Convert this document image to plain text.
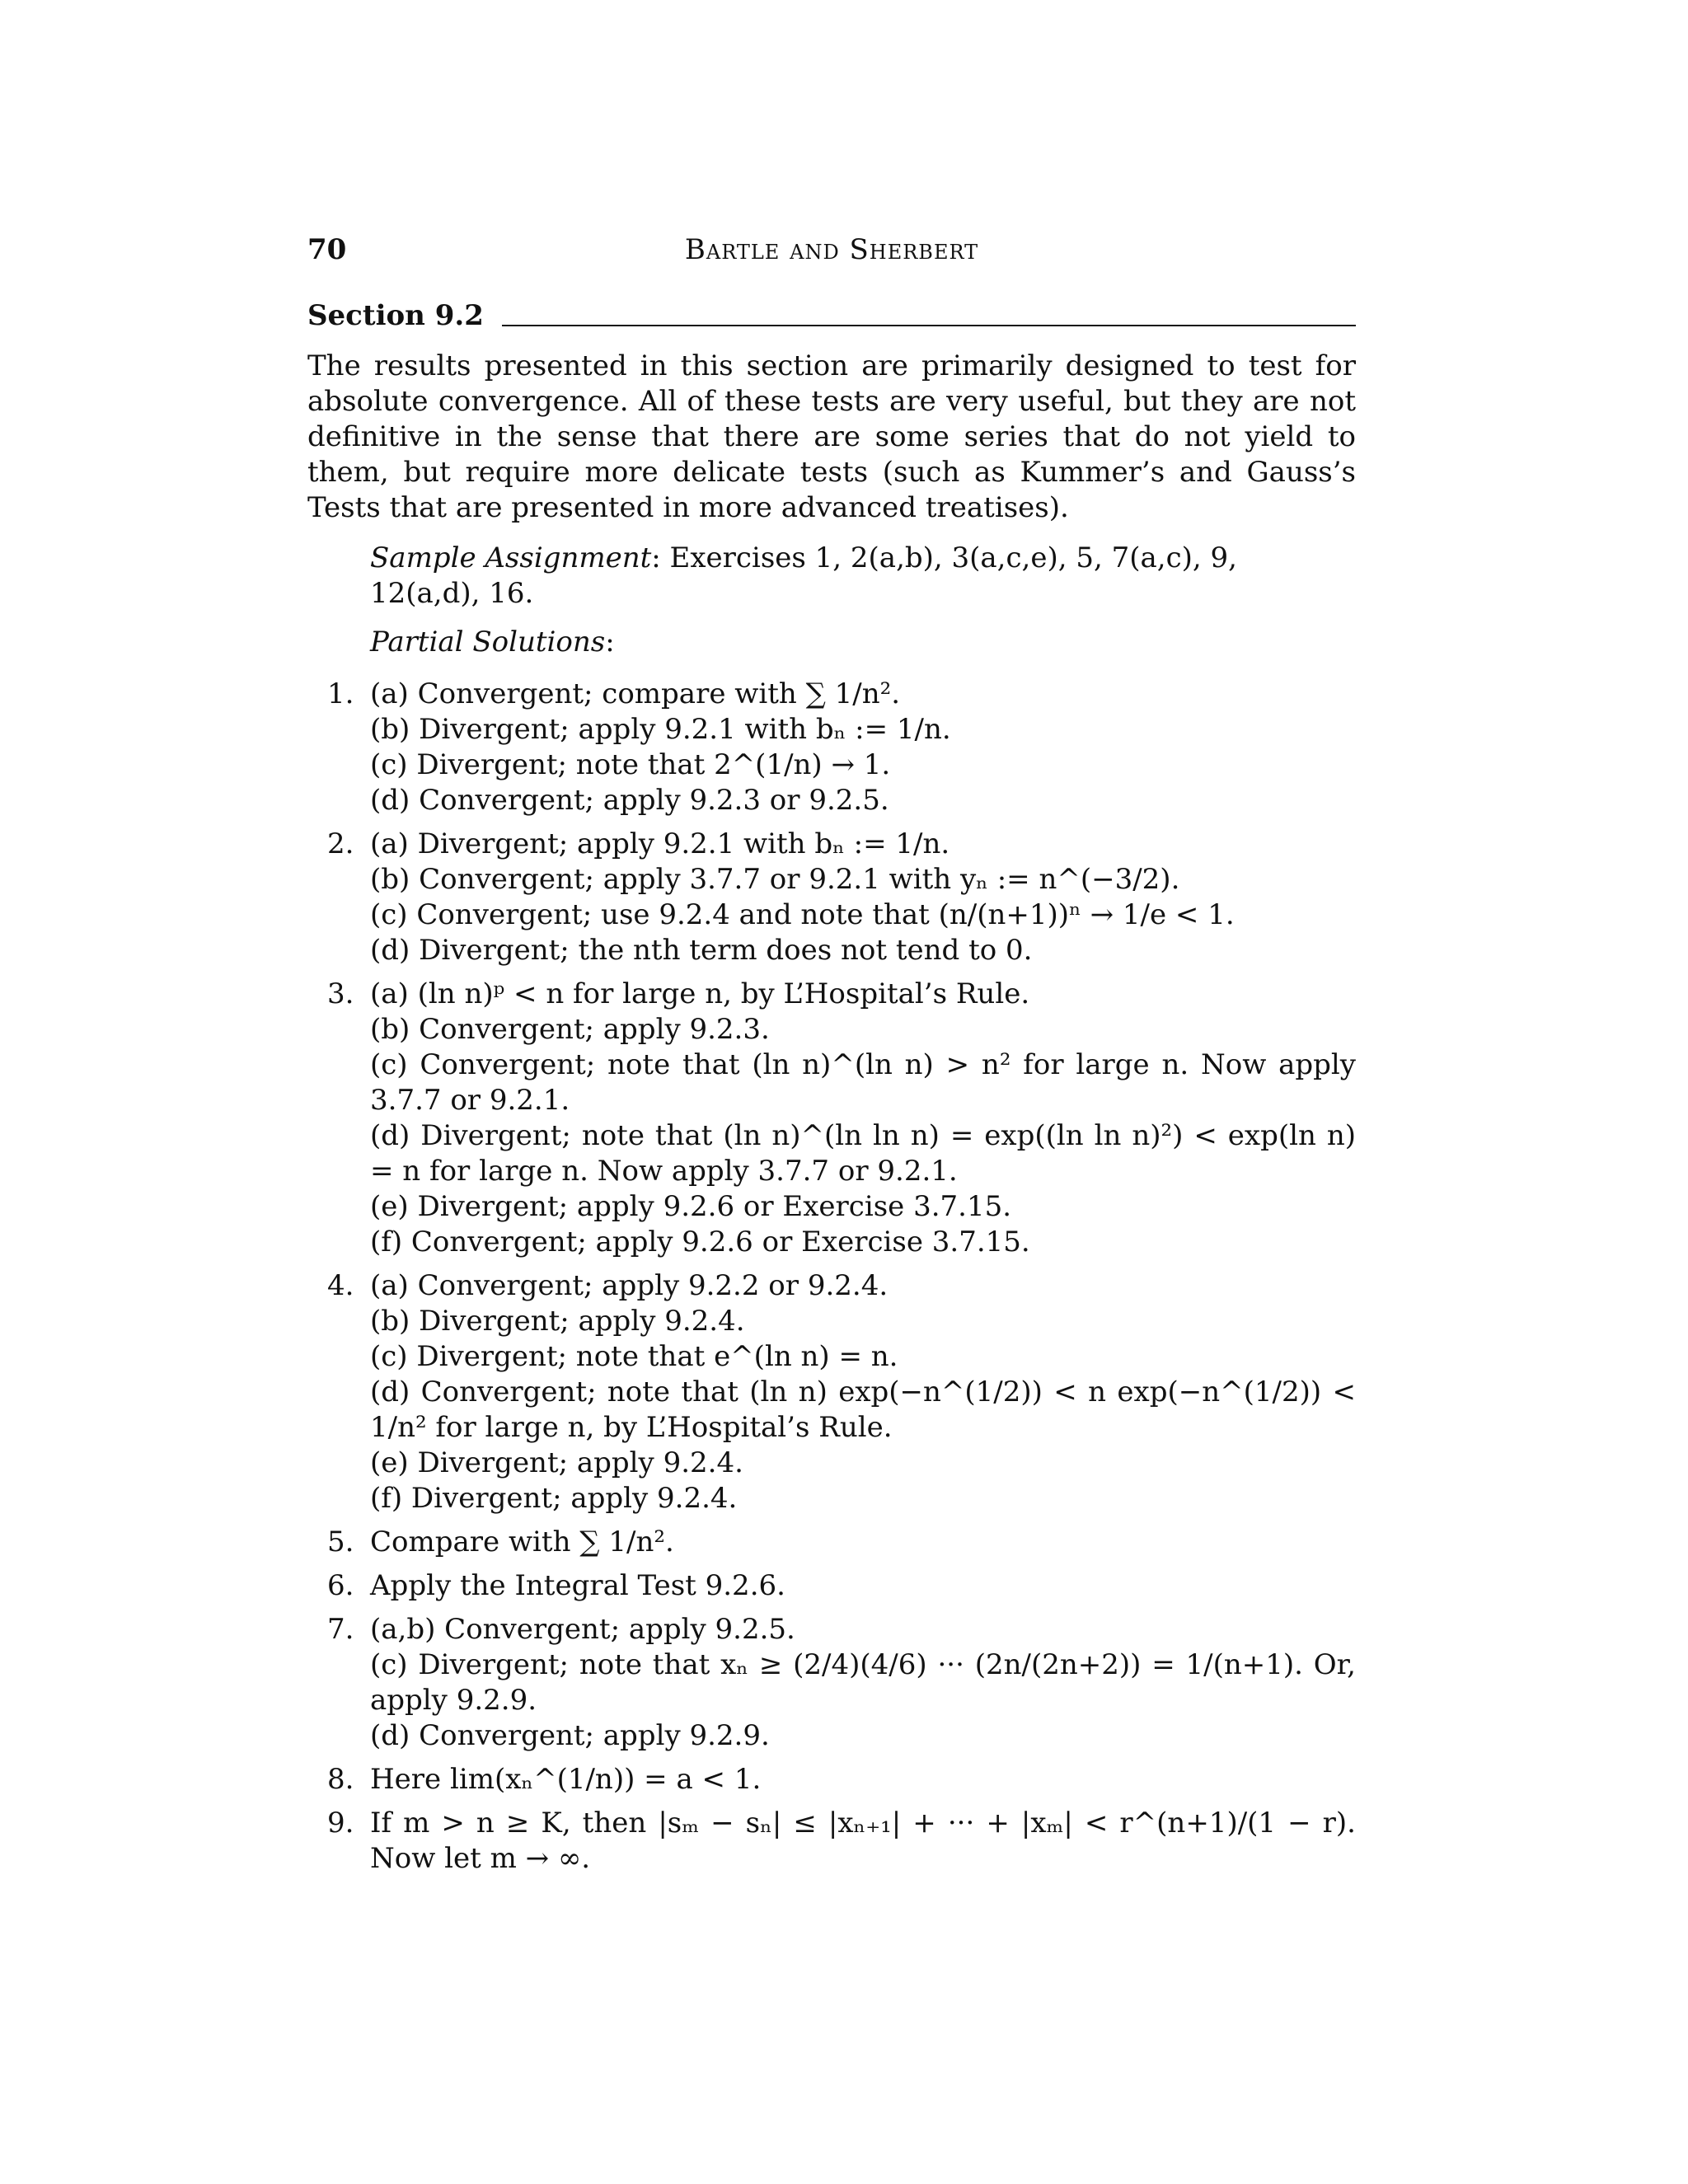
70	Bartle and Sherbert
Section 9.2

The results presented in this section are primarily designed to test for absolute convergence. All of these tests are very useful, but they are not definitive in the sense that there are some series that do not yield to them, but require more delicate tests (such as Kummer’s and Gauss’s Tests that are presented in more advanced treatises).

Sample Assignment: Exercises 1, 2(a,b), 3(a,c,e), 5, 7(a,c), 9, 12(a,d), 16.
Partial Solutions:
1. (a) Convergent; compare with ∑ 1/n².
(b) Divergent; apply 9.2.1 with bₙ := 1/n.
(c) Divergent; note that 2^(1/n) → 1.
(d) Convergent; apply 9.2.3 or 9.2.5.
2. (a) Divergent; apply 9.2.1 with bₙ := 1/n.
(b) Convergent; apply 3.7.7 or 9.2.1 with yₙ := n^(−3/2).
(c) Convergent; use 9.2.4 and note that (n/(n+1))ⁿ → 1/e < 1.
(d) Divergent; the nth term does not tend to 0.
3. (a) (ln n)ᵖ < n for large n, by L’Hospital’s Rule.
(b) Convergent; apply 9.2.3.
(c) Convergent; note that (ln n)^(ln n) > n² for large n. Now apply 3.7.7 or 9.2.1.
(d) Divergent; note that (ln n)^(ln ln n) = exp((ln ln n)²) < exp(ln n) = n for large n. Now apply 3.7.7 or 9.2.1.
(e) Divergent; apply 9.2.6 or Exercise 3.7.15.
(f) Convergent; apply 9.2.6 or Exercise 3.7.15.
4. (a) Convergent; apply 9.2.2 or 9.2.4.
(b) Divergent; apply 9.2.4.
(c) Divergent; note that e^(ln n) = n.
(d) Convergent; note that (ln n) exp(−n^(1/2)) < n exp(−n^(1/2)) < 1/n² for large n, by L’Hospital’s Rule.
(e) Divergent; apply 9.2.4.
(f) Divergent; apply 9.2.4.
5. Compare with ∑ 1/n².
6. Apply the Integral Test 9.2.6.
7. (a,b) Convergent; apply 9.2.5.
(c) Divergent; note that xₙ ≥ (2/4)(4/6) ··· (2n/(2n+2)) = 1/(n+1). Or, apply 9.2.9.
(d) Convergent; apply 9.2.9.
8. Here lim(xₙ^(1/n)) = a < 1.
9. If m > n ≥ K, then |sₘ − sₙ| ≤ |xₙ₊₁| + ··· + |xₘ| < r^(n+1)/(1 − r). Now let m → ∞.
